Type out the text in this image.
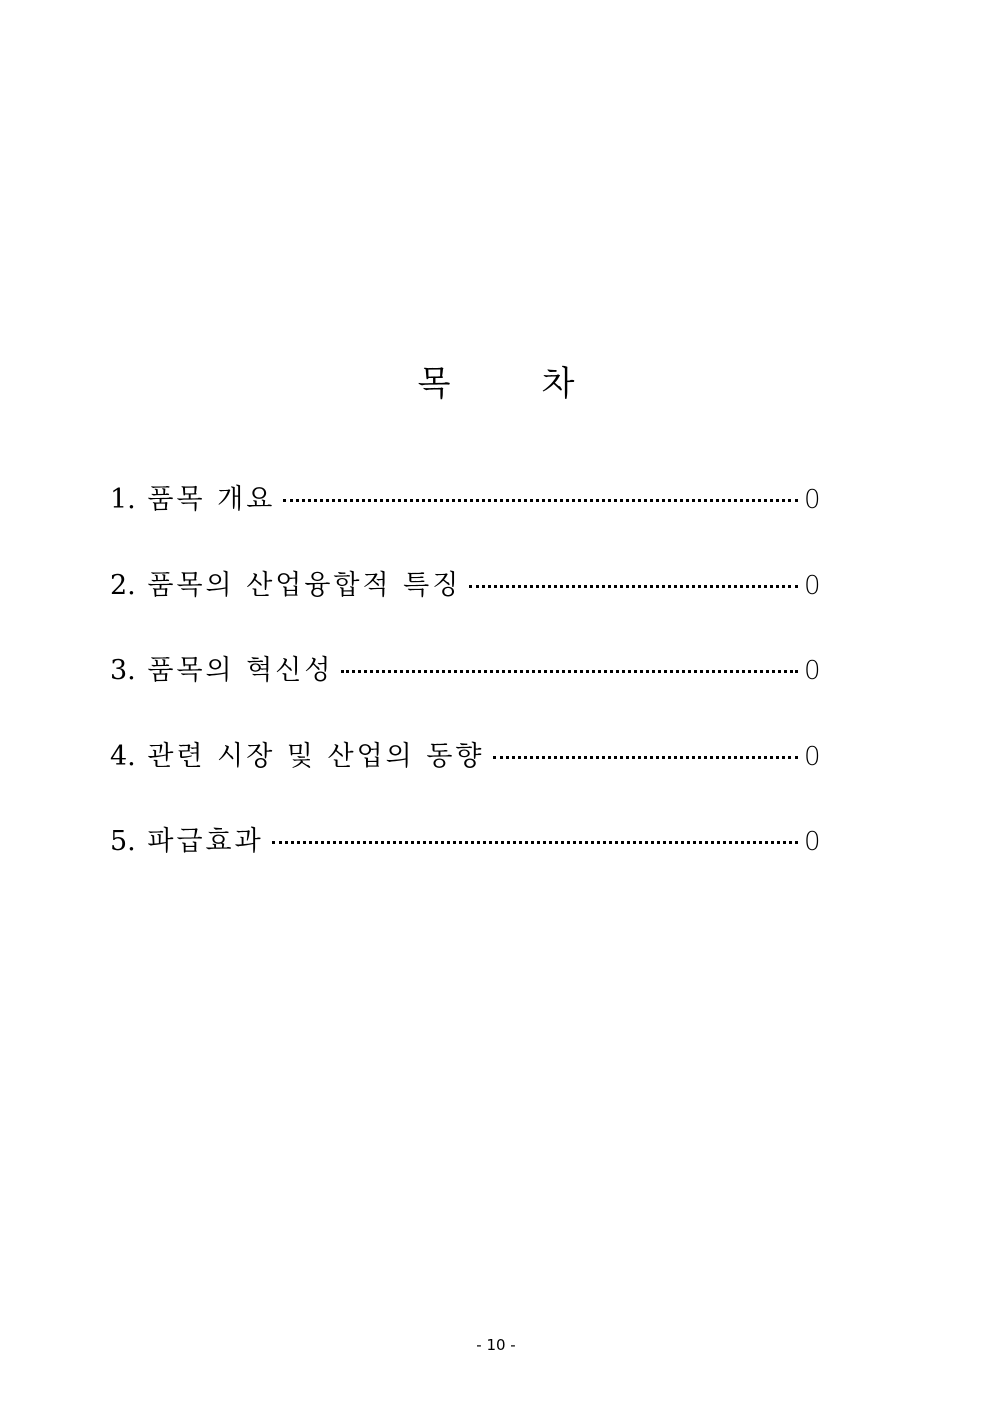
목	차
1. 품목 개요	0
2. 품목의 산업융합적 특징	0
3. 품목의 혁신성	0
4. 관련 시장 및 산업의 동향	0
5. 파급효과	0
- 10 -
